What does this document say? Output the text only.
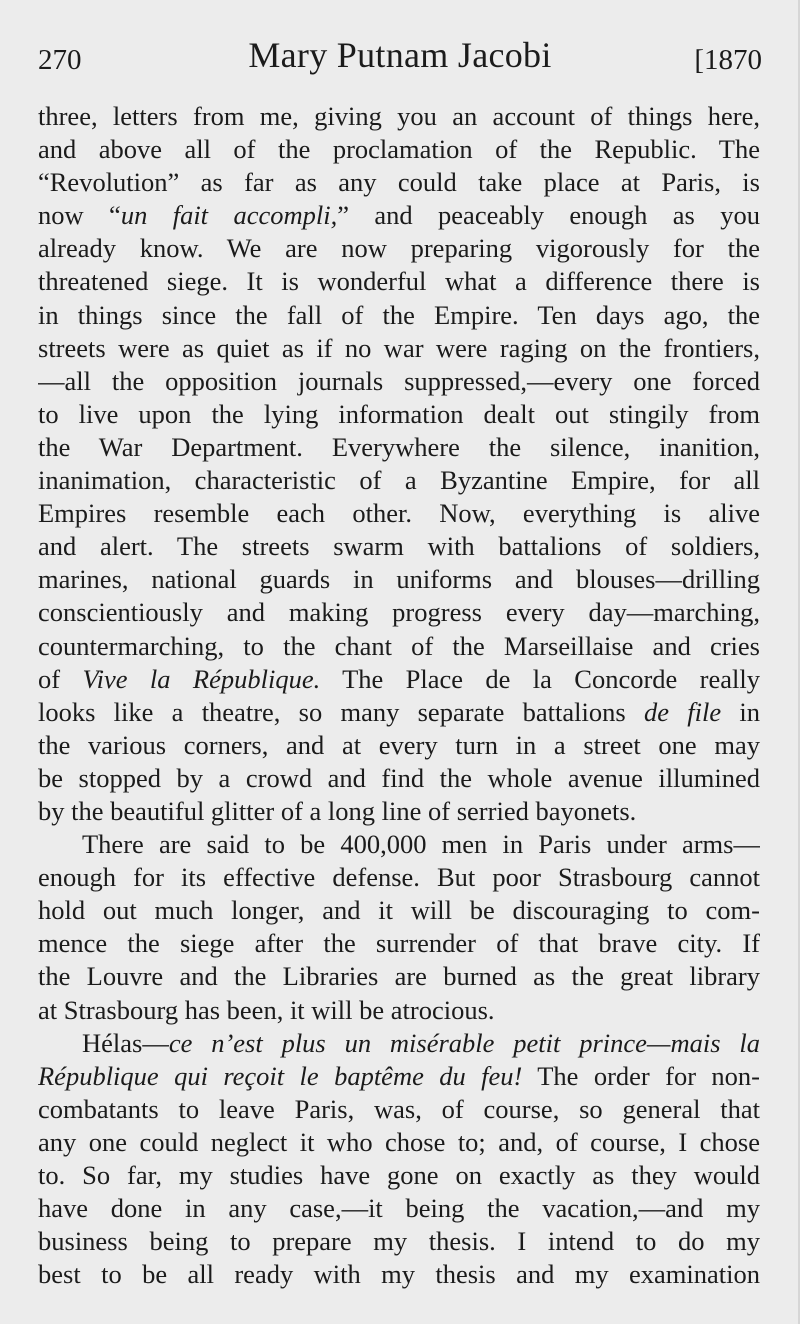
270	Mary Putnam Jacobi	[1870
three, letters from me, giving you an account of things here,
and above all of the proclamation of the Republic. The
“Revolution” as far as any could take place at Paris, is
now “un fait accompli,” and peaceably enough as you
already know. We are now preparing vigorously for the
threatened siege. It is wonderful what a difference there is
in things since the fall of the Empire. Ten days ago, the
streets were as quiet as if no war were raging on the frontiers,
—all the opposition journals suppressed,—every one forced
to live upon the lying information dealt out stingily from
the War Department. Everywhere the silence, inanition,
inanimation, characteristic of a Byzantine Empire, for all
Empires resemble each other. Now, everything is alive
and alert. The streets swarm with battalions of soldiers,
marines, national guards in uniforms and blouses—drilling
conscientiously and making progress every day—marching,
countermarching, to the chant of the Marseillaise and cries
of Vive la République. The Place de la Concorde really
looks like a theatre, so many separate battalions de file in
the various corners, and at every turn in a street one may
be stopped by a crowd and find the whole avenue illumined
by the beautiful glitter of a long line of serried bayonets.
There are said to be 400,000 men in Paris under arms—
enough for its effective defense. But poor Strasbourg cannot
hold out much longer, and it will be discouraging to com-
mence the siege after the surrender of that brave city. If
the Louvre and the Libraries are burned as the great library
at Strasbourg has been, it will be atrocious.
Hélas—ce n’est plus un misérable petit prince—mais la
République qui reçoit le baptême du feu! The order for non-
combatants to leave Paris, was, of course, so general that
any one could neglect it who chose to; and, of course, I chose
to. So far, my studies have gone on exactly as they would
have done in any case,—it being the vacation,—and my
business being to prepare my thesis. I intend to do my
best to be all ready with my thesis and my examination
